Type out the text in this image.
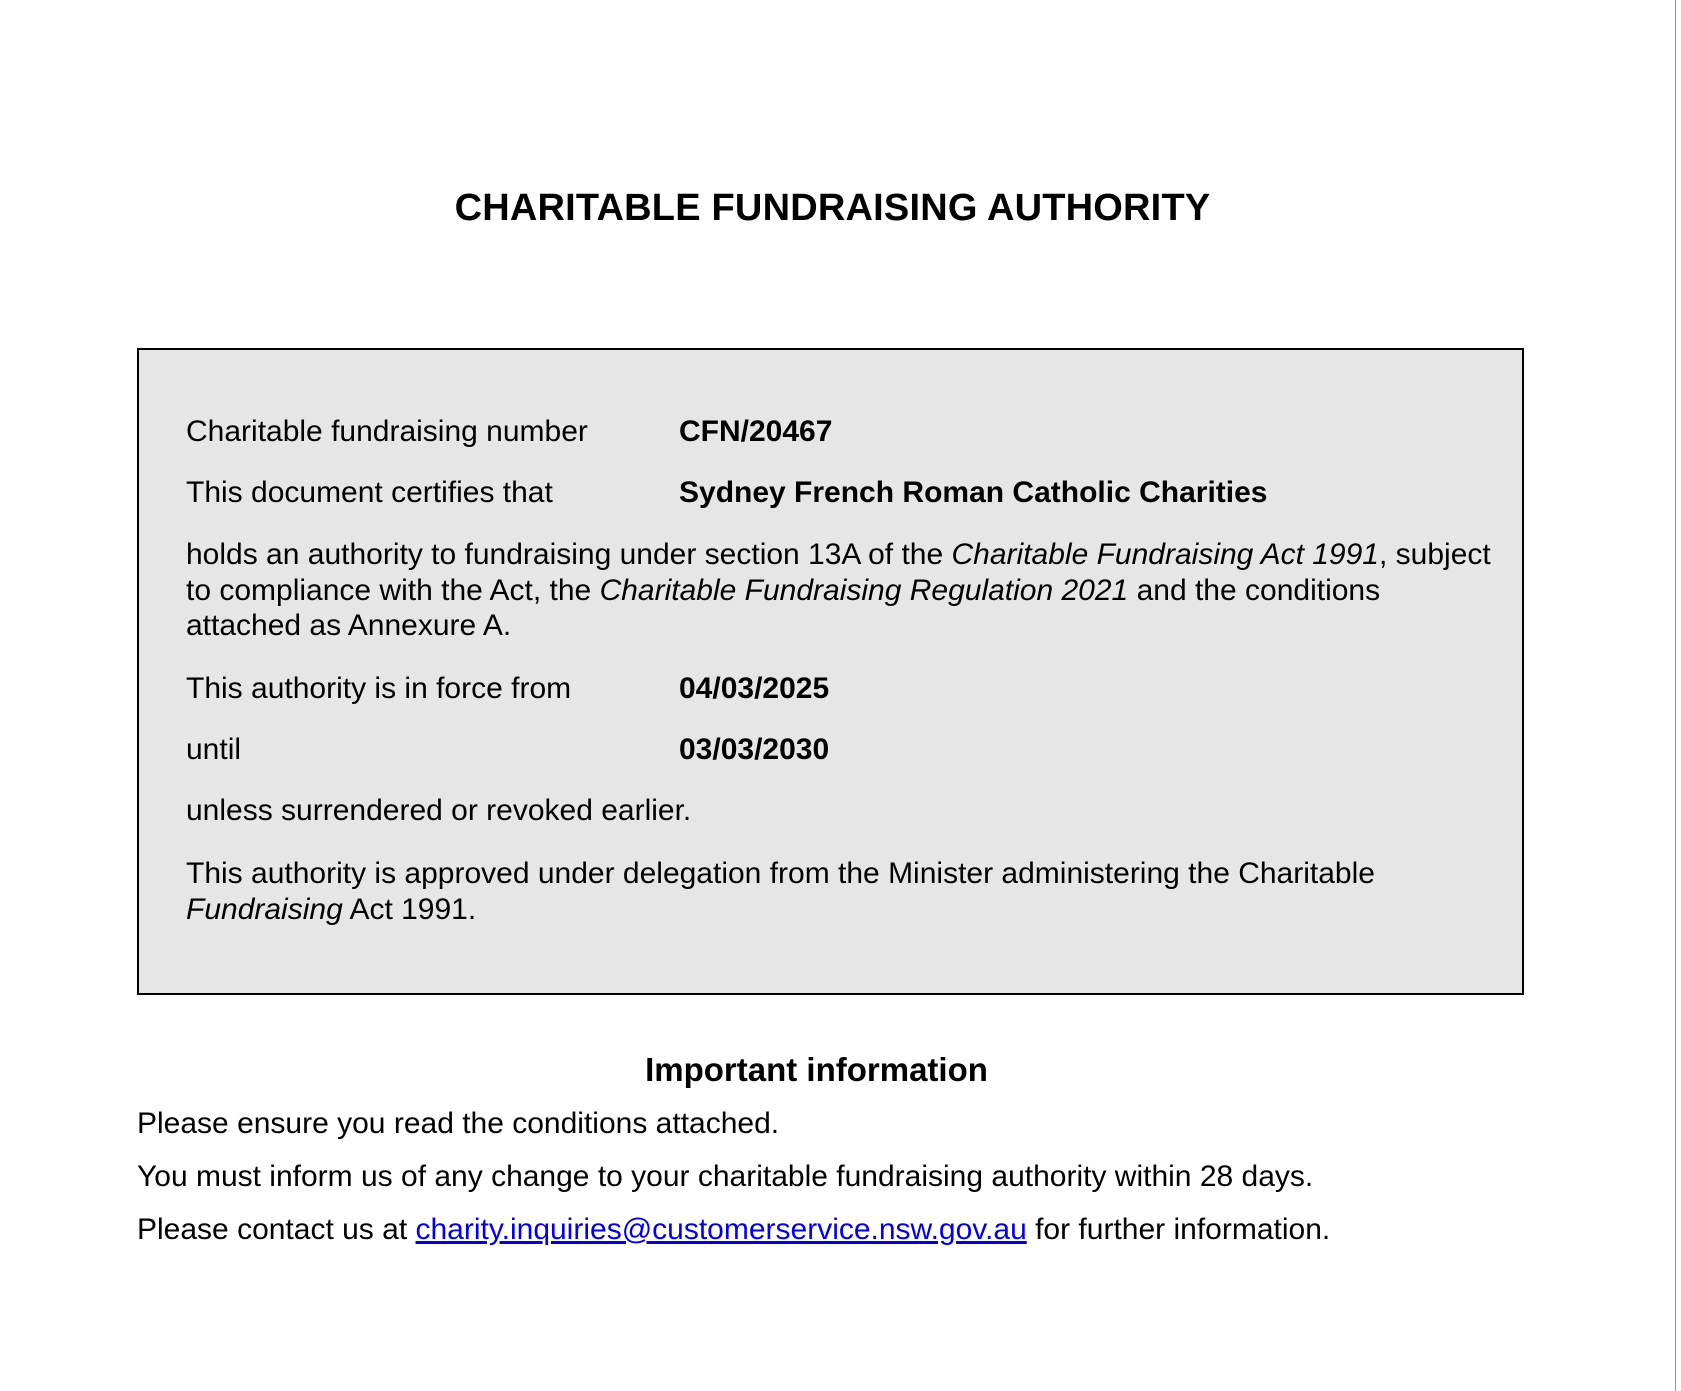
CHARITABLE FUNDRAISING AUTHORITY
Charitable fundraising number	CFN/20467
This document certifies that	Sydney French Roman Catholic Charities
holds an authority to fundraising under section 13A of the Charitable Fundraising Act 1991, subject to compliance with the Act, the Charitable Fundraising Regulation 2021 and the conditions attached as Annexure A.
This authority is in force from	04/03/2025
until	03/03/2030
unless surrendered or revoked earlier.
This authority is approved under delegation from the Minister administering the Charitable Fundraising Act 1991.
Important information
Please ensure you read the conditions attached.
You must inform us of any change to your charitable fundraising authority within 28 days.
Please contact us at charity.inquiries@customerservice.nsw.gov.au for further information.
